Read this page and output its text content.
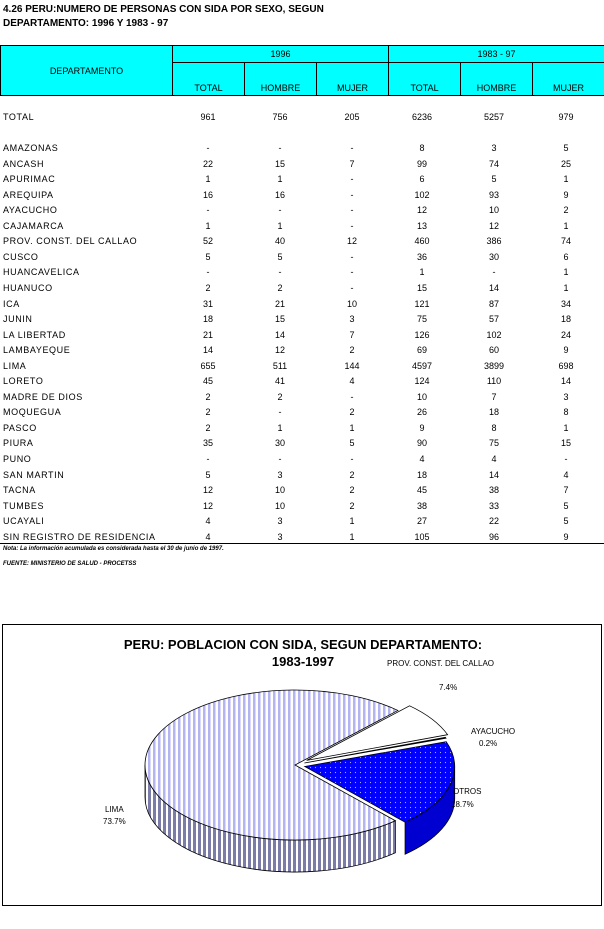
4.26 PERU:NUMERO DE PERSONAS CON SIDA POR SEXO, SEGUN
DEPARTAMENTO: 1996 Y 1983 - 97
DEPARTAMENTO	1996			1983 - 97		
	TOTAL	HOMBRE	MUJER	TOTAL	HOMBRE	MUJER
TOTAL	961	756	205	6236	5257	979
AMAZONAS	-	-	-	8	3	5
ANCASH	22	15	7	99	74	25
APURIMAC	1	1	-	6	5	1
AREQUIPA	16	16	-	102	93	9
AYACUCHO	-	-	-	12	10	2
CAJAMARCA	1	1	-	13	12	1
PROV. CONST. DEL CALLAO	52	40	12	460	386	74
CUSCO	5	5	-	36	30	6
HUANCAVELICA	-	-	-	1	-	1
HUANUCO	2	2	-	15	14	1
ICA	31	21	10	121	87	34
JUNIN	18	15	3	75	57	18
LA LIBERTAD	21	14	7	126	102	24
LAMBAYEQUE	14	12	2	69	60	9
LIMA	655	511	144	4597	3899	698
LORETO	45	41	4	124	110	14
MADRE DE DIOS	2	2	-	10	7	3
MOQUEGUA	2	-	2	26	18	8
PASCO	2	1	1	9	8	1
PIURA	35	30	5	90	75	15
PUNO	-	-	-	4	4	-
SAN MARTIN	5	3	2	18	14	4
TACNA	12	10	2	45	38	7
TUMBES	12	10	2	38	33	5
UCAYALI	4	3	1	27	22	5
SIN REGISTRO DE RESIDENCIA	4	3	1	105	96	9
Nota: La información acumulada es considerada hasta el 30 de junio de 1997.
FUENTE: MINISTERIO DE SALUD - PROCETSS
PERU: POBLACION CON SIDA, SEGUN DEPARTAMENTO:
1983-1997	PROV. CONST. DEL CALLAO
7.4%
AYACUCHO
0.2%
OTROS
18.7%
LIMA
73.7%
